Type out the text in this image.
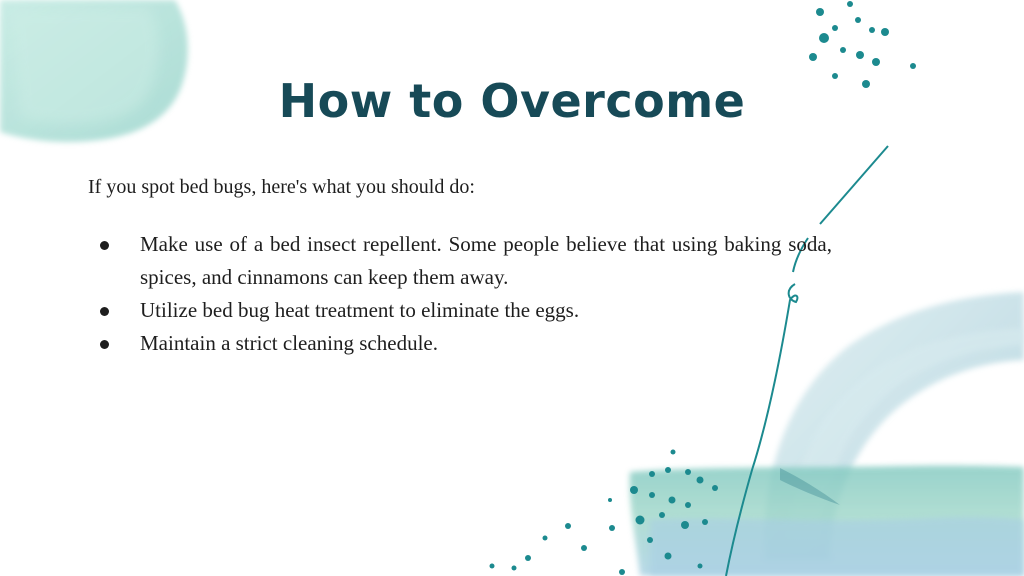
How to Overcome

If you spot bed bugs, here's what you should do:

Make use of a bed insect repellent. Some people believe that using baking soda, spices, and cinnamons can keep them away.
Utilize bed bug heat treatment to eliminate the eggs.
Maintain a strict cleaning schedule.
